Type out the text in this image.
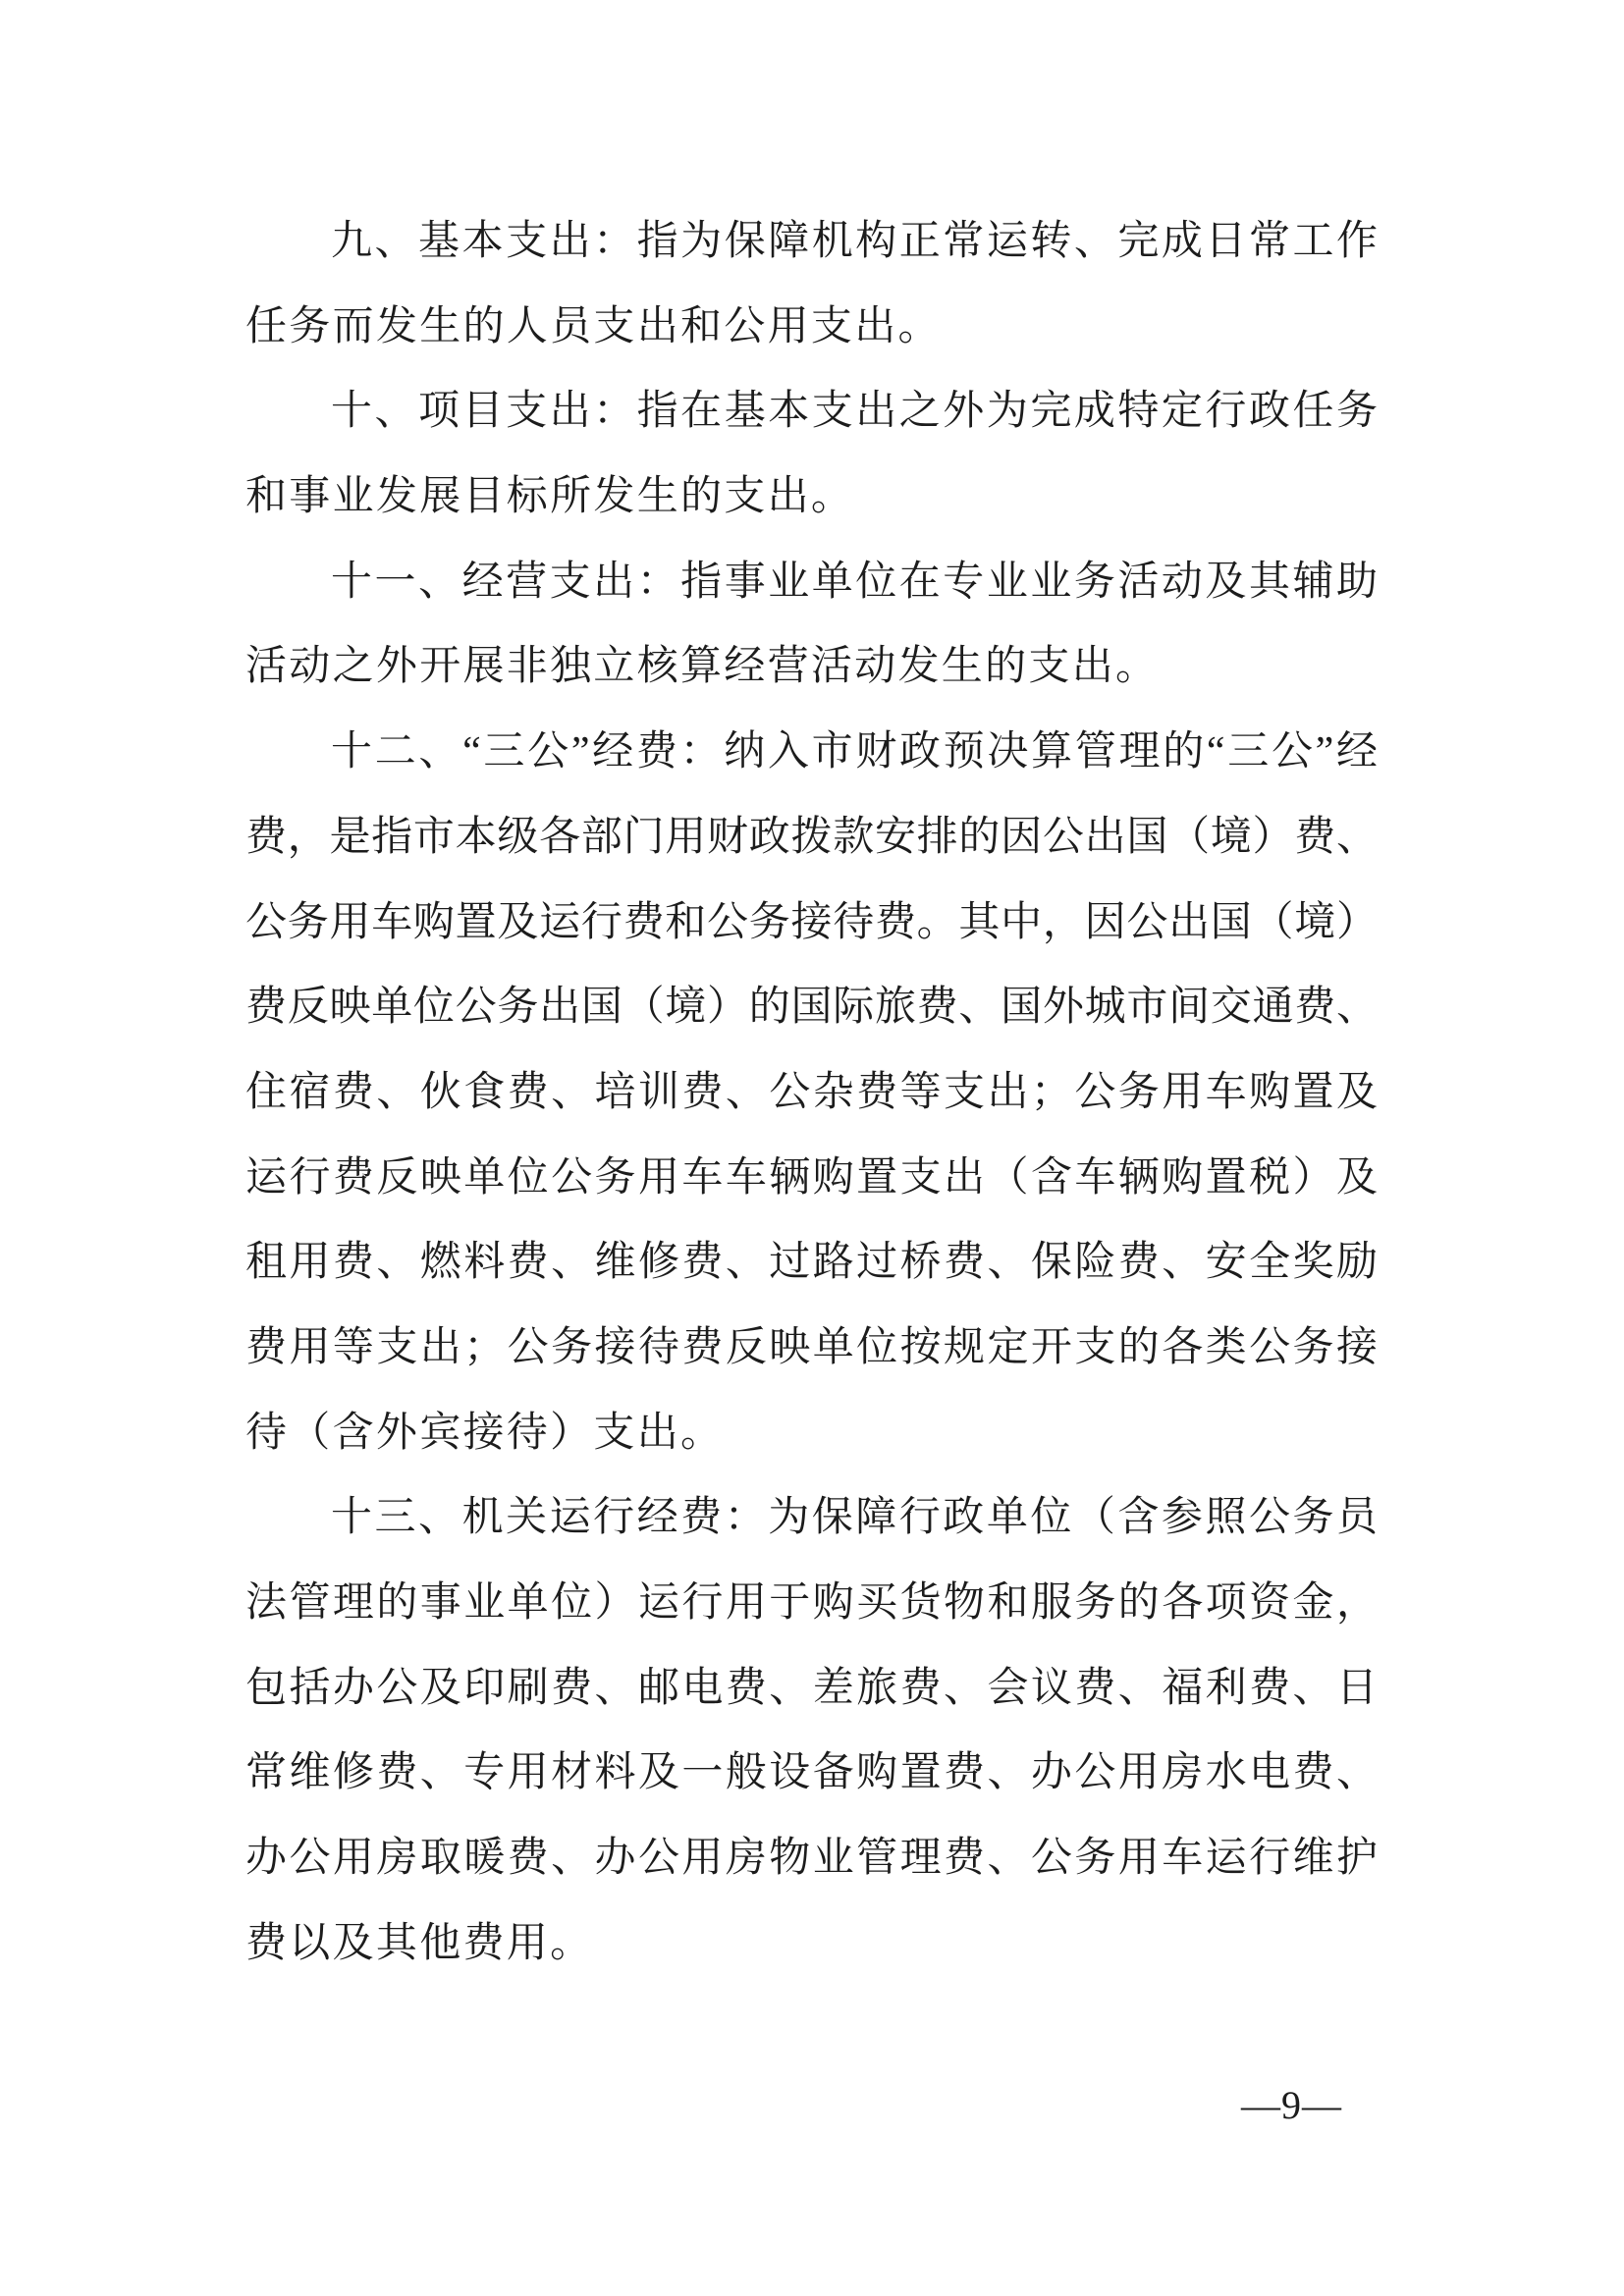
九、基本支出：指为保障机构正常运转、完成日常工作
任务而发生的人员支出和公用支出。
十、项目支出：指在基本支出之外为完成特定行政任务
和事业发展目标所发生的支出。
十一、经营支出：指事业单位在专业业务活动及其辅助
活动之外开展非独立核算经营活动发生的支出。
十二、“三公”经费：纳入市财政预决算管理的“三公”经
费，是指市本级各部门用财政拨款安排的因公出国（境）费、
公务用车购置及运行费和公务接待费。其中，因公出国（境）
费反映单位公务出国（境）的国际旅费、国外城市间交通费、
住宿费、伙食费、培训费、公杂费等支出；公务用车购置及
运行费反映单位公务用车车辆购置支出（含车辆购置税）及
租用费、燃料费、维修费、过路过桥费、保险费、安全奖励
费用等支出；公务接待费反映单位按规定开支的各类公务接
待（含外宾接待）支出。
十三、机关运行经费：为保障行政单位（含参照公务员
法管理的事业单位）运行用于购买货物和服务的各项资金，
包括办公及印刷费、邮电费、差旅费、会议费、福利费、日
常维修费、专用材料及一般设备购置费、办公用房水电费、
办公用房取暖费、办公用房物业管理费、公务用车运行维护
费以及其他费用。
—9—
